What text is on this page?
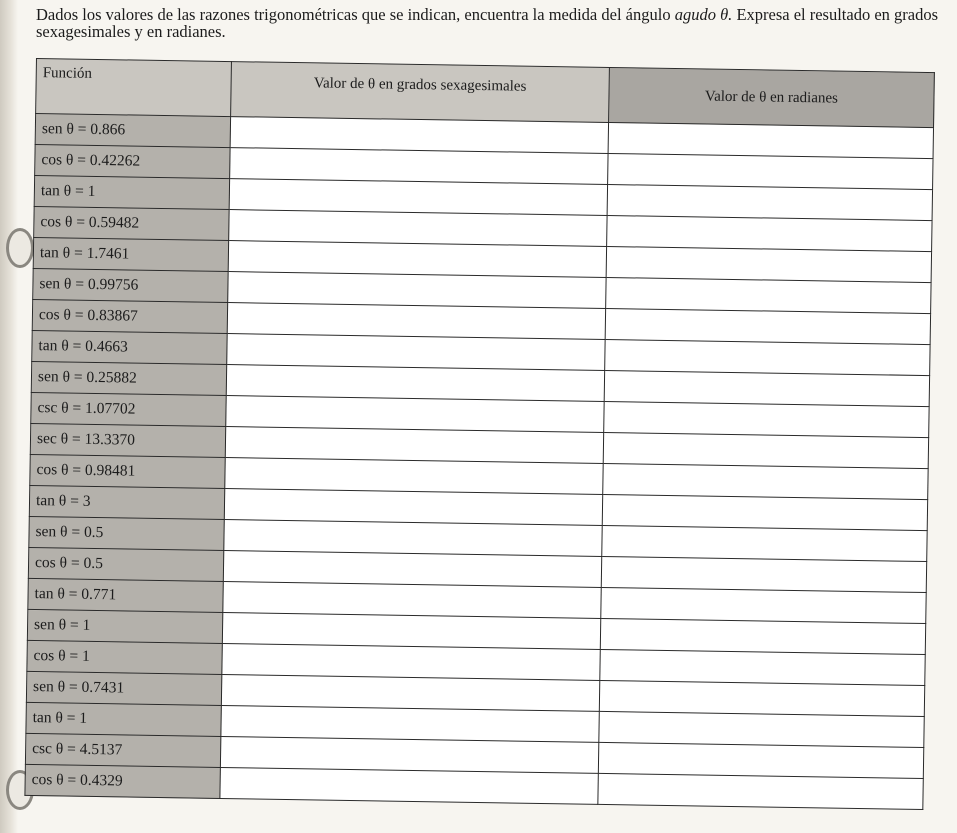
Dados los valores de las razones trigonométricas que se indican, encuentra la medida del ángulo agudo θ. Expresa el resultado en grados sexagesimales y en radianes.
Función	Valor de θ en grados sexagesimales	Valor de θ en radianes
sen θ = 0.866		
cos θ = 0.42262		
tan θ = 1		
cos θ = 0.59482		
tan θ = 1.7461		
sen θ = 0.99756		
cos θ = 0.83867		
tan θ = 0.4663		
sen θ = 0.25882		
csc θ = 1.07702		
sec θ = 13.3370		
cos θ = 0.98481		
tan θ = 3		
sen θ = 0.5		
cos θ = 0.5		
tan θ = 0.771		
sen θ = 1		
cos θ = 1		
sen θ = 0.7431		
tan θ = 1		
csc θ = 4.5137		
cos θ = 0.4329		
